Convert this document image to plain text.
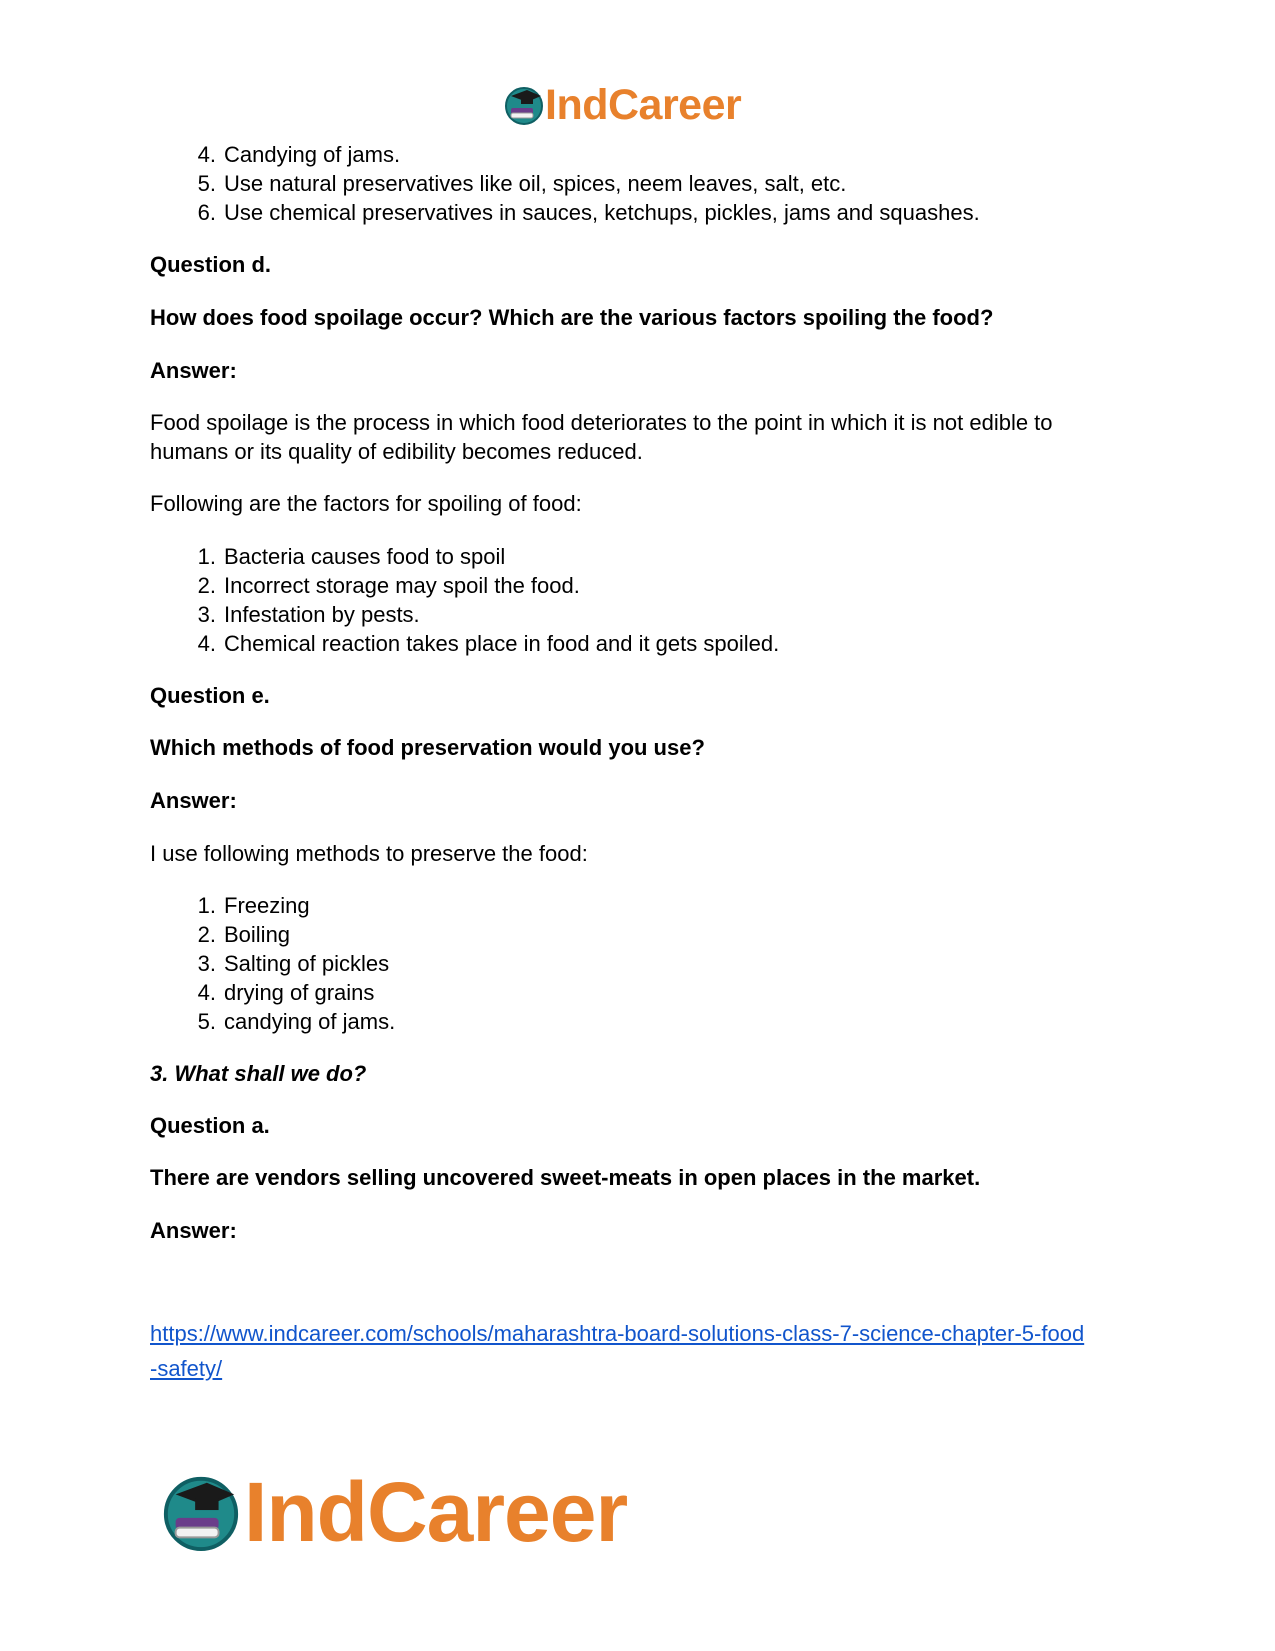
IndCareer
4. Candying of jams.
5. Use natural preservatives like oil, spices, neem leaves, salt, etc.
6. Use chemical preservatives in sauces, ketchups, pickles, jams and squashes.
Question d.
How does food spoilage occur? Which are the various factors spoiling the food?
Answer:
Food spoilage is the process in which food deteriorates to the point in which it is not edible to
humans or its quality of edibility becomes reduced.
Following are the factors for spoiling of food:
1. Bacteria causes food to spoil
2. Incorrect storage may spoil the food.
3. Infestation by pests.
4. Chemical reaction takes place in food and it gets spoiled.
Question e.
Which methods of food preservation would you use?
Answer:
I use following methods to preserve the food:
1. Freezing
2. Boiling
3. Salting of pickles
4. drying of grains
5. candying of jams.
3. What shall we do?
Question a.
There are vendors selling uncovered sweet-meats in open places in the market.
Answer:
https://www.indcareer.com/schools/maharashtra-board-solutions-class-7-science-chapter-5-food
-safety/
IndCareer
